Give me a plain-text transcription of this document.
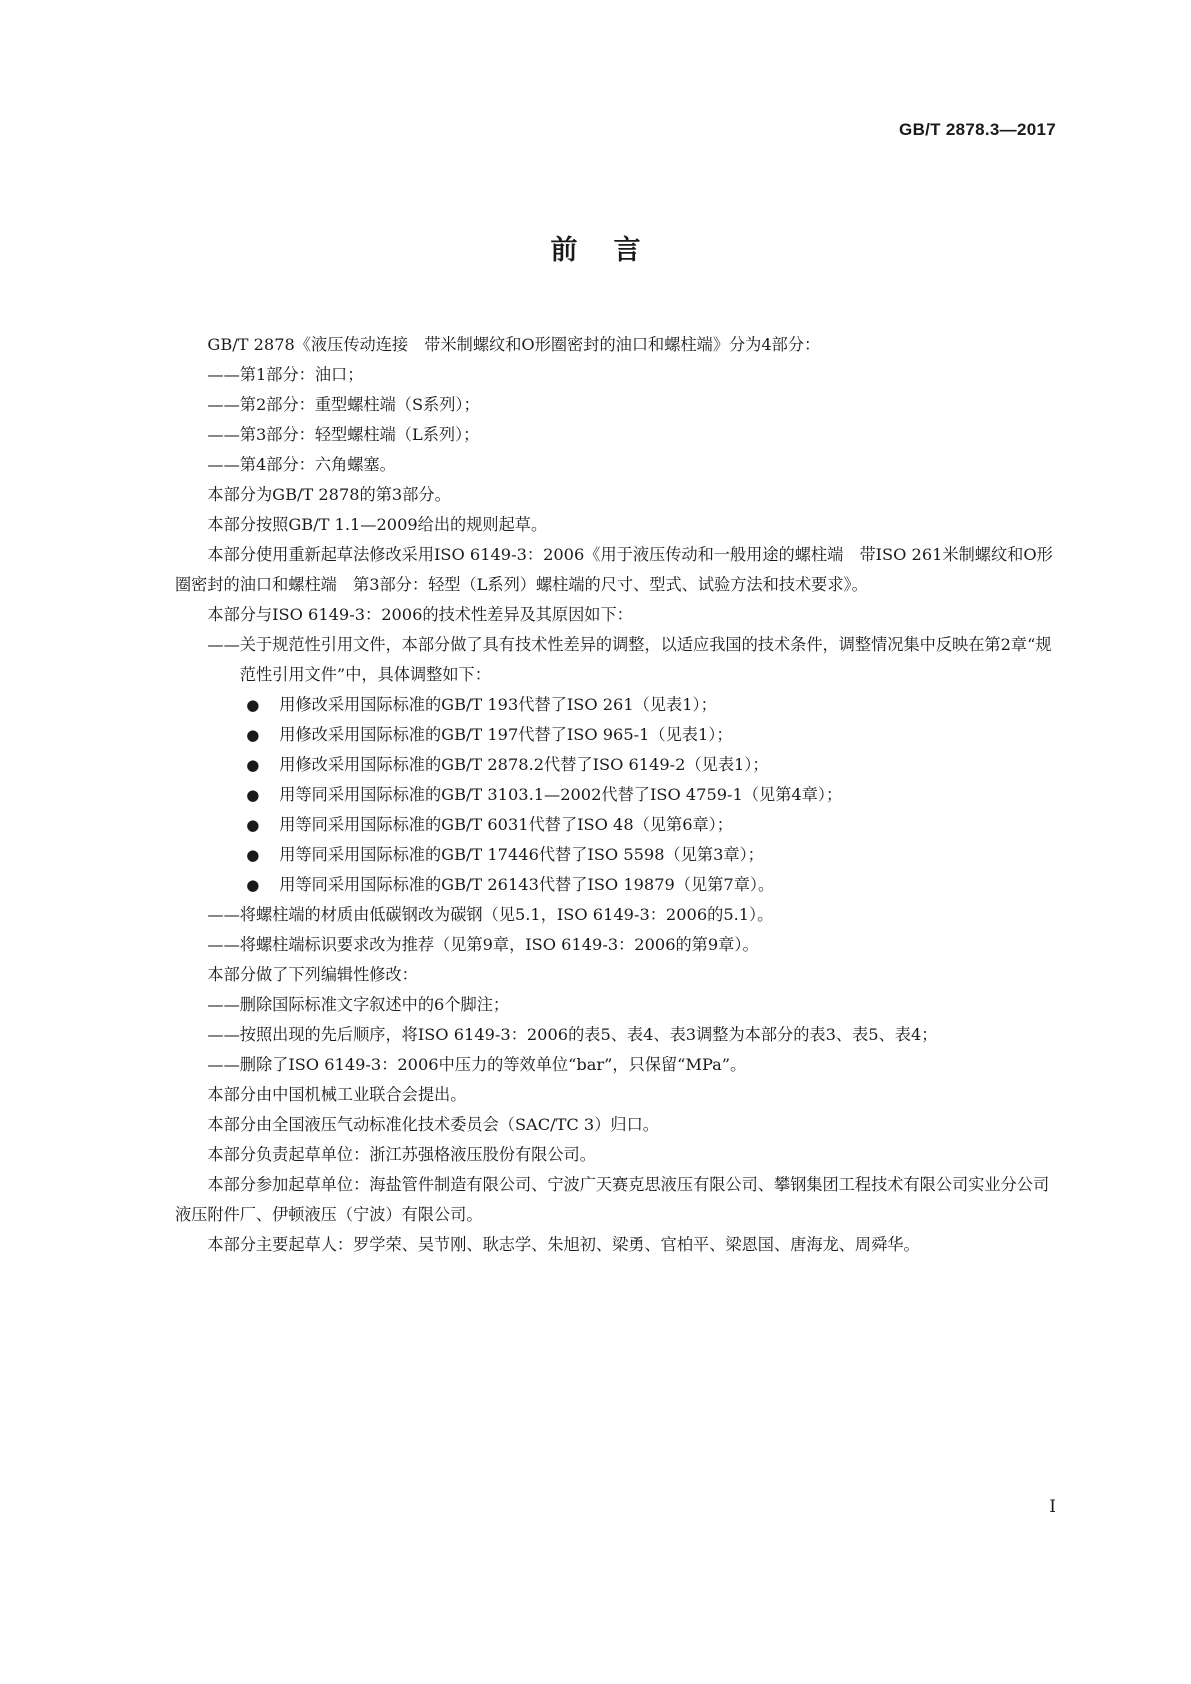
GB/T 2878.3—2017
前言

GB/T 2878《液压传动连接　带米制螺纹和O形圈密封的油口和螺柱端》分为4部分：

——第1部分：油口；

——第2部分：重型螺柱端（S系列）；

——第3部分：轻型螺柱端（L系列）；

——第4部分：六角螺塞。

本部分为GB/T 2878的第3部分。

本部分按照GB/T 1.1—2009给出的规则起草。

本部分使用重新起草法修改采用ISO 6149-3：2006《用于液压传动和一般用途的螺柱端　带ISO 261米制螺纹和O形圈密封的油口和螺柱端　第3部分：轻型（L系列）螺柱端的尺寸、型式、试验方法和技术要求》。

本部分与ISO 6149-3：2006的技术性差异及其原因如下：

——关于规范性引用文件，本部分做了具有技术性差异的调整，以适应我国的技术条件，调整情况集中反映在第2章“规范性引用文件”中，具体调整如下：

● 用修改采用国际标准的GB/T 193代替了ISO 261（见表1）；

● 用修改采用国际标准的GB/T 197代替了ISO 965-1（见表1）；

● 用修改采用国际标准的GB/T 2878.2代替了ISO 6149-2（见表1）；

● 用等同采用国际标准的GB/T 3103.1—2002代替了ISO 4759-1（见第4章）；

● 用等同采用国际标准的GB/T 6031代替了ISO 48（见第6章）；

● 用等同采用国际标准的GB/T 17446代替了ISO 5598（见第3章）；

● 用等同采用国际标准的GB/T 26143代替了ISO 19879（见第7章）。

——将螺柱端的材质由低碳钢改为碳钢（见5.1，ISO 6149-3：2006的5.1）。

——将螺柱端标识要求改为推荐（见第9章，ISO 6149-3：2006的第9章）。

本部分做了下列编辑性修改：

——删除国际标准文字叙述中的6个脚注；

——按照出现的先后顺序，将ISO 6149-3：2006的表5、表4、表3调整为本部分的表3、表5、表4；

——删除了ISO 6149-3：2006中压力的等效单位“bar”，只保留“MPa”。

本部分由中国机械工业联合会提出。

本部分由全国液压气动标准化技术委员会（SAC/TC 3）归口。

本部分负责起草单位：浙江苏强格液压股份有限公司。

本部分参加起草单位：海盐管件制造有限公司、宁波广天赛克思液压有限公司、攀钢集团工程技术有限公司实业分公司液压附件厂、伊顿液压（宁波）有限公司。

本部分主要起草人：罗学荣、吴节刚、耿志学、朱旭初、梁勇、官柏平、梁恩国、唐海龙、周舜华。

I
